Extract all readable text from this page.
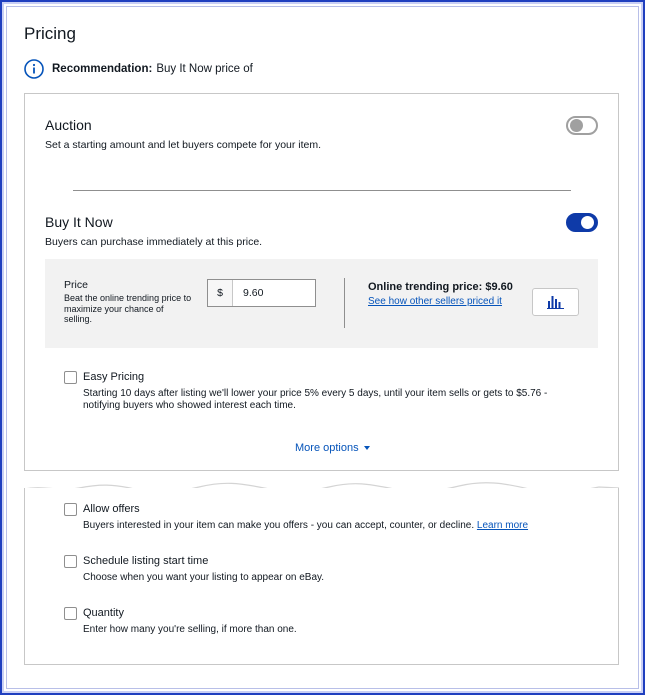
Pricing
Recommendation: Buy It Now price of
Auction
Set a starting amount and let buyers compete for your item.
Buy It Now
Buyers can purchase immediately at this price.
Price
Beat the online trending price to maximize your chance of selling.
$
9.60	Online trending price: $9.60
See how other sellers priced it
Easy Pricing
Starting 10 days after listing we'll lower your price 5% every 5 days, until your item sells or gets to $5.76 -
notifying buyers who showed interest each time.
More options
Allow offers
Buyers interested in your item can make you offers - you can accept, counter, or decline. Learn more
Schedule listing start time
Choose when you want your listing to appear on eBay.
Quantity
Enter how many you're selling, if more than one.
